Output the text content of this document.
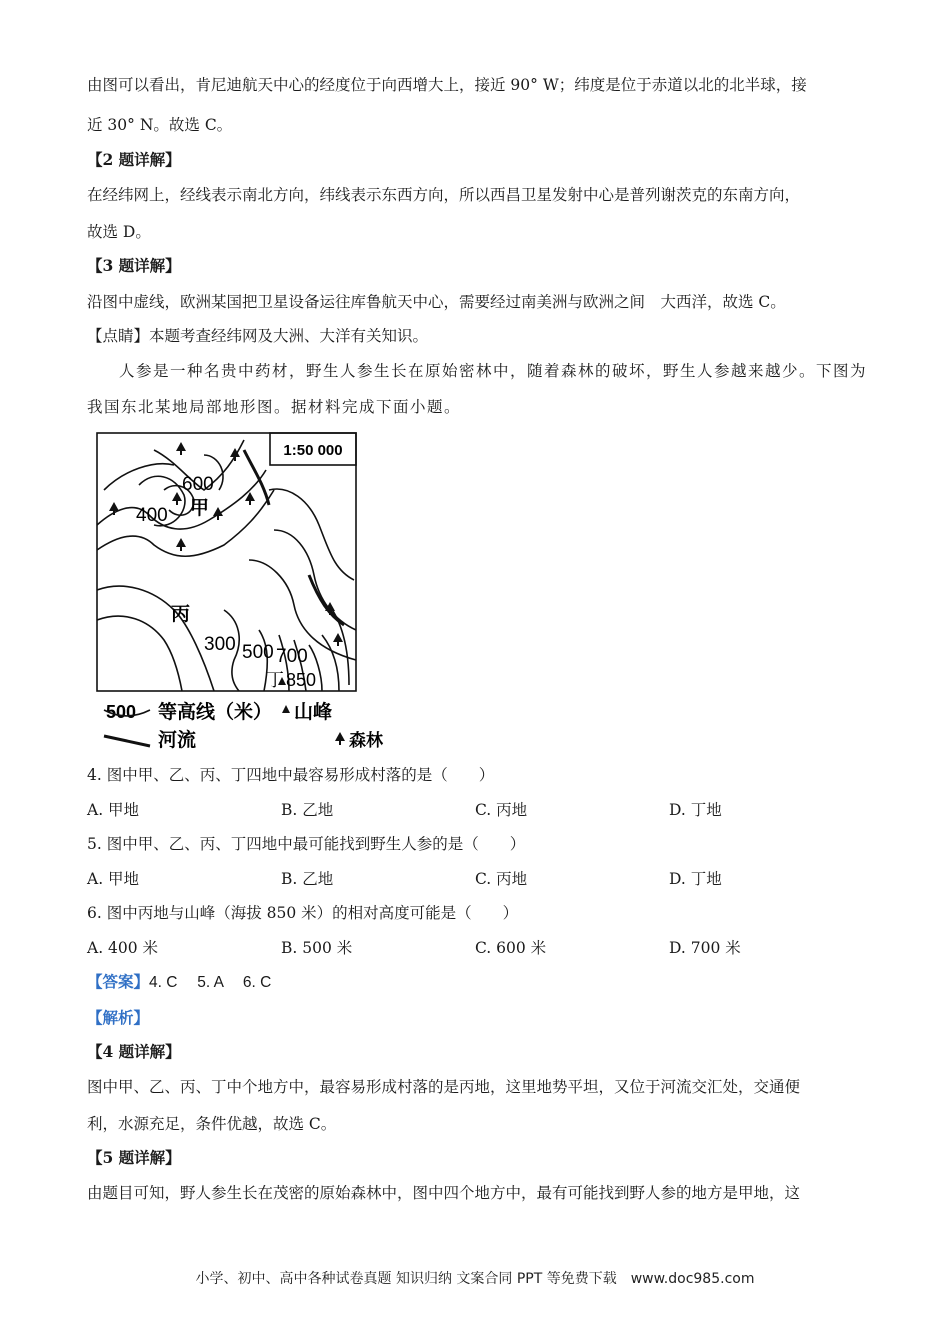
由图可以看出，肯尼迪航天中心的经度位于向西增大上，接近 90° W；纬度是位于赤道以北的北半球，接
近 30° N。故选 C。
【2 题详解】
在经纬网上，经线表示南北方向，纬线表示东西方向，所以西昌卫星发射中心是普列谢茨克的东南方向，
故选 D。
【3 题详解】
沿图中虚线，欧洲某国把卫星设备运往库鲁航天中心，需要经过南美洲与欧洲之间　大西洋，故选 C。
【点睛】本题考查经纬网及大洲、大洋有关知识。
人参是一种名贵中药材，野生人参生长在原始密林中，随着森林的破坏，野生人参越来越少。下图为
我国东北某地局部地形图。据材料完成下面小题。
1:50 000
600
甲
400
丙
300 500 700
丁 850
500 等高线（米） 山峰
河流	森林
4. 图中甲、乙、丙、丁四地中最容易形成村落的是（　　）
A. 甲地	B. 乙地	C. 丙地	D. 丁地
5. 图中甲、乙、丙、丁四地中最可能找到野生人参的是（　　）
A. 甲地	B. 乙地	C. 丙地	D. 丁地
6. 图中丙地与山峰（海拔 850 米）的相对高度可能是（　　）
A. 400 米	B. 500 米	C. 600 米	D. 700 米
【答案】4. C　 5. A　 6. C
【解析】
【4 题详解】
图中甲、乙、丙、丁中个地方中，最容易形成村落的是丙地，这里地势平坦，又位于河流交汇处，交通便
利，水源充足，条件优越，故选 C。
【5 题详解】
由题目可知，野人参生长在茂密的原始森林中，图中四个地方中，最有可能找到野人参的地方是甲地，这
小学、初中、高中各种试卷真题 知识归纳 文案合同 PPT 等免费下载　www.doc985.com
